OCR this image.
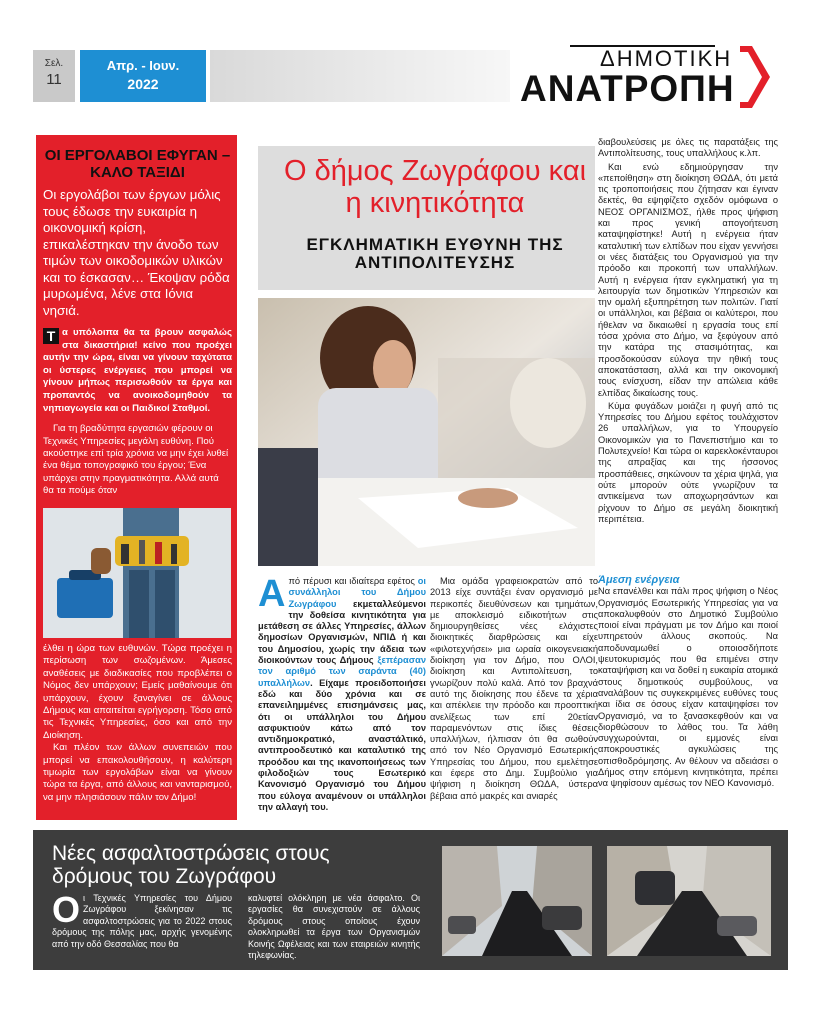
Σελ.
11
Απρ. - Ιουν.
2022
ΔΗΜΟΤΙΚΗ
ΑΝΑΤΡΟΠΗ
ΟΙ ΕΡΓΟΛΑΒΟΙ ΕΦΥΓΑΝ – ΚΑΛΟ ΤΑΞΙΔΙ
Οι εργολάβοι των έργων μόλις τους έδωσε την ευκαιρία η οικονομική κρίση, επικαλέστηκαν την άνοδο των τιμών των οικοδομικών υλικών και το έσκασαν… Έκοψαν ρόδα μυρωμένα, λένε στα Ιόνια νησιά.
Τ α υπόλοιπα θα τα βρουν ασφαλώς στα δικαστήρια! κείνο που προέχει αυτήν την ώρα, είναι να γίνουν ταχύτατα οι ύστερες ενέργειες που μπορεί να γίνουν μήπως περισωθούν τα έργα και προπαντός να ανοικοδομηθούν τα νηπιαγωγεία και οι Παιδικοί Σταθμοί.
Για τη βραδύτητα εργασιών φέρουν οι Τεχνικές Υπηρεσίες μεγάλη ευθύνη. Πού ακούστηκε επί τρία χρόνια να μην έχει λυθεί ένα θέμα τοπογραφικό του έργου; Ένα υπάρχει στην πραγματικότητα. Αλλά αυτά θα τα πούμε όταν
έλθει η ώρα των ευθυνών. Τώρα προέχει η περίσωση των σωζομένων. Άμεσες αναθέσεις με διαδικασίες που προβλέπει ο Νόμος δεν υπάρχουν; Εμείς μαθαίνουμε ότι υπάρχουν, έχουν ξαναγίνει σε άλλους Δήμους και απαιτείται εγρήγορση. Τόσο από τις Τεχνικές Υπηρεσίες, όσο και από την Διοίκηση.
Και πλέον των άλλων συνεπειών που μπορεί να επακολουθήσουν, η καλύτερη τιμωρία των εργολάβων είναι να γίνουν τώρα τα έργα, από άλλους και νανταρισμού, να μην πλησιάσουν πάλιν τον Δήμο!
Ο δήμος Ζωγράφου και η κινητικότητα
ΕΓΚΛΗΜΑΤΙΚΗ ΕΥΘΥΝΗ ΤΗΣ ΑΝΤΙΠΟΛΙΤΕΥΣΗΣ
Από πέρυσι και ιδιαίτερα εφέτος οι συνάλληλοι του Δήμου Ζωγράφου εκμεταλλεύμενοι την δοθείσα κινητικότητα για μετάθεση σε άλλες Υπηρεσίες, άλλων δημοσίων Οργανισμών, ΝΠΙΔ ή και του Δημοσίου, χωρίς την άδεια των διοικούντων τους Δήμους ξεπέρασαν τον αριθμό των σαράντα (40) υπαλλήλων. Είχαμε προειδοποιήσει εδώ και δύο χρόνια και σε επανειλημμένες επισημάνσεις μας, ότι οι υπάλληλοι του Δήμου ασφυκτιούν κάτω από τον αντιδημοκρατικό, αναστάλτικό, αντιπροοδευτικό και καταλυτικό της προόδου και της ικανοποιήσεως των φιλοδοξιών τους Εσωτερικό Κανονισμό Οργανισμό του Δήμου που εύλογα αναμένουν οι υπάλληλοι την αλλαγή του.
Μια ομάδα γραφειοκρατών από το 2013 είχε συντάξει έναν οργανισμό με περικοπές διευθύνσεων και τμημάτων, με αποκλεισμό ειδικοτήτων στις δημιουργηθείσες νέες ελάχιστες διοικητικές διαρθρώσεις και είχε «φιλοτεχνήσει» μια ωραία οικογενειακή διοίκηση για τον Δήμο, που ΟΛΟΙ, διοίκηση και Αντιπολίτευση, το γνωρίζουν πολύ καλά. Από τον βραχνά αυτό της διοίκησης που έδενε τα χέρια και απέκλειε την πρόοδο και προοπτική ανελίξεως των επί 20ετίαν παραμενόντων στις ίδιες θέσεις υπαλλήλων, ήλπισαν ότι θα σωθούν από τον Νέο Οργανισμό Εσωτερικής Υπηρεσίας του Δήμου, που εμελέτησε και έφερε στο Δημ. Συμβούλιο για ψήφιση η διοίκηση ΘΩΔΑ, ύστερα βέβαια από μακρές και ανιαρές
διαβουλεύσεις με όλες τις παρατάξεις της Αντιπολίτευσης, τους υπαλλήλους κ.λπ.
Και ενώ εδημιούργησαν την «πεποίθηση» στη διοίκηση ΘΩΔΑ, ότι μετά τις τροποποιήσεις που ζήτησαν και έγιναν δεκτές, θα εψηφίζετο σχεδόν ομόφωνα ο ΝΕΟΣ ΟΡΓΑΝΙΣΜΟΣ, ήλθε προς ψήφιση και προς γενική απογοήτευση καταψηφίστηκε! Αυτή η ενέργεια ήταν καταλυτική των ελπίδων που είχαν γεννήσει οι νέες διατάξεις του Οργανισμού για την πρόοδο και προκοπή των υπαλλήλων. Αυτή η ενέργεια ήταν εγκληματική για τη λειτουργία των δημοτικών Υπηρεσιών και την ομαλή εξυπηρέτηση των πολιτών. Γιατί οι υπάλληλοι, και βέβαια οι καλύτεροι, που ήθελαν να δικαιωθεί η εργασία τους επί τόσα χρόνια στο Δήμο, να ξεφύγουν από την κατάρα της στασιμότητας, και προσδοκούσαν εύλογα την ηθική τους αποκατάσταση, αλλά και την οικονομική τους ενίσχυση, είδαν την απώλεια κάθε ελπίδας δικαίωσης τους.
Κύμα φυγάδων μοιάζει η φυγή από τις Υπηρεσίες του Δήμου εφέτος τουλάχιστον 26 υπαλλήλων, για το Υπουργείο Οικονομικών για το Πανεπιστήμιο και το Πολυτεχνείο! Και τώρα οι καρεκλοκένταυροι της απραξίας και της ήσσονος προσπάθειες, σηκώνουν τα χέρια ψηλά, για ούτε μπορούν ούτε γνωρίζουν τα αντικείμενα των αποχωρησάντων και ρίχνουν το Δήμο σε μεγάλη διοικητική περιπέτεια.
Άμεση ενέργεια
Να επανέλθει και πάλι προς ψήφιση ο Νέος Οργανισμός Εσωτερικής Υπηρεσίας για να αποκαλυφθούν στο Δημοτικό Συμβούλιο ποιοί είναι πράγματι με τον Δήμο και ποιοί υπηρετούν άλλους σκοπούς. Να αποδυναμωθεί ο οποιοσδήποτε ψευτοκυρισμός που θα επιμένει στην καταψήφιση και να δοθεί η ευκαιρία ατομικά στους δημοτικούς συμβούλους, να αναλάβουν τις συγκεκριμένες ευθύνες τους και ίδια σε όσους είχαν καταψηφίσει τον Οργανισμό, να το ξανασκεφθούν και να διορθώσουν το λάθος του. Τα λάθη συγχωρούνται, οι εμμονές είναι αποκρουστικές αγκυλώσεις της οπισθοδρόμησης. Αν θέλουν να αδειάσει ο Δήμος στην επόμενη κινητικότητα, πρέπει να ψηφίσουν αμέσως τον ΝΕΟ Κανονισμό.
Νέες ασφαλτοστρώσεις στους δρόμους του Ζωγράφου
Οι Τεχνικές Υπηρεσίες του Δήμου Ζωγράφου ξεκίνησαν τις ασφαλτοστρώσεις για το 2022 στους δρόμους της πόλης μας, αρχής γενομένης από την οδό Θεσσαλίας που θα
καλυφτεί ολόκληρη με νέα άσφαλτο. Οι εργασίες θα συνεχιστούν σε άλλους δρόμους στους οποίους έχουν ολοκληρωθεί τα έργα των Οργανισμών Κοινής Ωφέλειας και των εταιρειών κινητής τηλεφωνίας.
